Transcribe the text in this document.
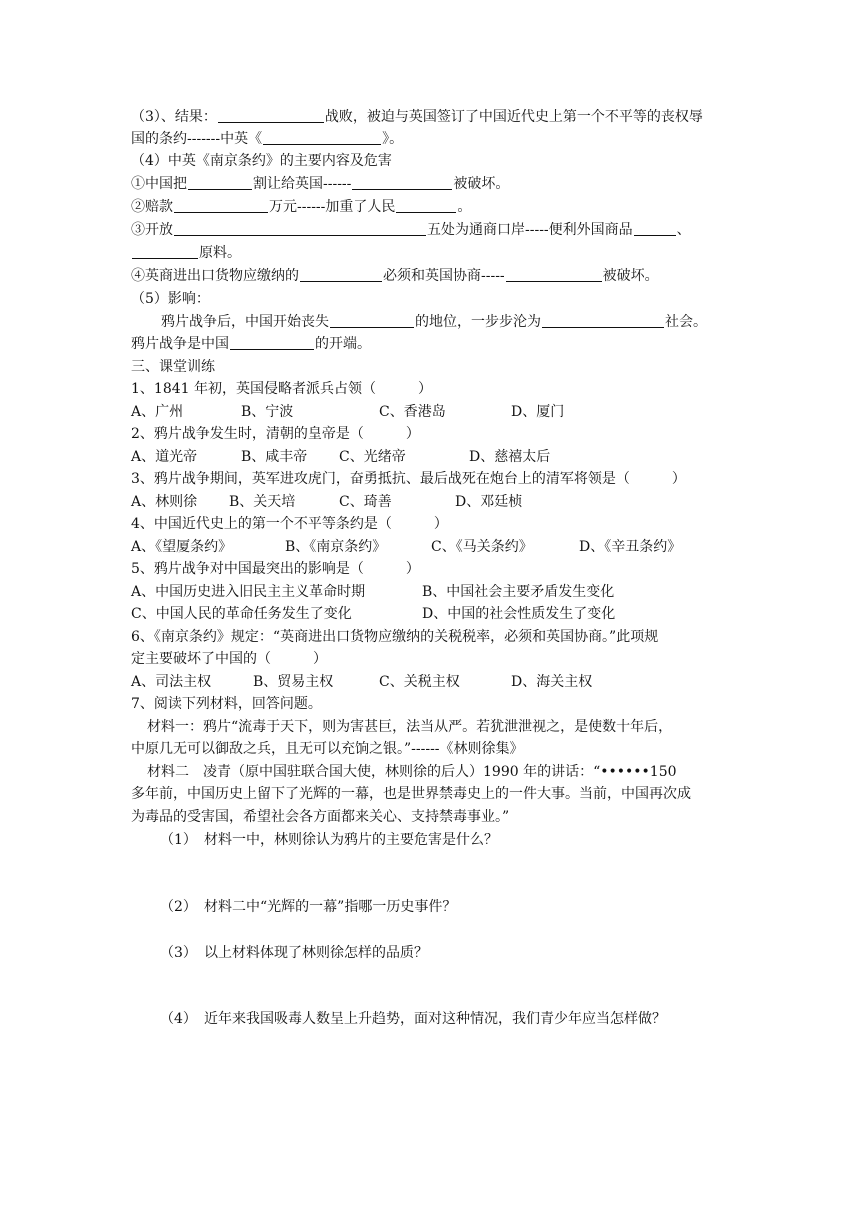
（3）、结果：	战败，被迫与英国签订了中国近代史上第一个不平等的丧权辱
国的条约-------中英《	》。
（4）中英《南京条约》的主要内容及危害
①中国把	割让给英国------	被破坏。
②赔款	万元------加重了人民	。
③开放	五处为通商口岸-----便利外国商品	、
原料。
④英商进出口货物应缴纳的	必须和英国协商-----	被破坏。
（5）影响：
鸦片战争后，中国开始丧失	的地位，一步步沦为	社会。
鸦片战争是中国	的开端。
三、课堂训练
1、1841 年初，英国侵略者派兵占领（　　　）
A、广州	B、宁波	C、香港岛	D、厦门
2、鸦片战争发生时，清朝的皇帝是（　　　）
A、道光帝	B、咸丰帝 C、光绪帝	D、慈禧太后
3、鸦片战争期间，英军进攻虎门，奋勇抵抗、最后战死在炮台上的清军将领是（　　　）
A、林则徐 B、关天培	C、琦善	D、邓廷桢
4、中国近代史上的第一个不平等条约是（　　　）
A、《望厦条约》	B、《南京条约》	C、《马关条约》	D、《辛丑条约》
5、鸦片战争对中国最突出的影响是（　　　）
A、中国历史进入旧民主主义革命时期	B、中国社会主要矛盾发生变化
C、中国人民的革命任务发生了变化	D、中国的社会性质发生了变化
6、《南京条约》规定：“英商进出口货物应缴纳的关税税率，必须和英国协商。”此项规
定主要破坏了中国的（　　　）
A、司法主权	B、贸易主权	C、关税主权	D、海关主权
7、阅读下列材料，回答问题。
材料一：鸦片“流毒于天下，则为害甚巨，法当从严。若犹泄泄视之，是使数十年后，
中原几无可以御敌之兵，且无可以充饷之银。”------《林则徐集》
材料二　凌青（原中国驻联合国大使，林则徐的后人）1990 年的讲话：“••••••150
多年前，中国历史上留下了光辉的一幕，也是世界禁毒史上的一件大事。当前，中国再次成
为毒品的受害国，希望社会各方面都来关心、支持禁毒事业。”
（1） 材料一中，林则徐认为鸦片的主要危害是什么？
（2） 材料二中“光辉的一幕”指哪一历史事件？
（3） 以上材料体现了林则徐怎样的品质？
（4） 近年来我国吸毒人数呈上升趋势，面对这种情况，我们青少年应当怎样做？
